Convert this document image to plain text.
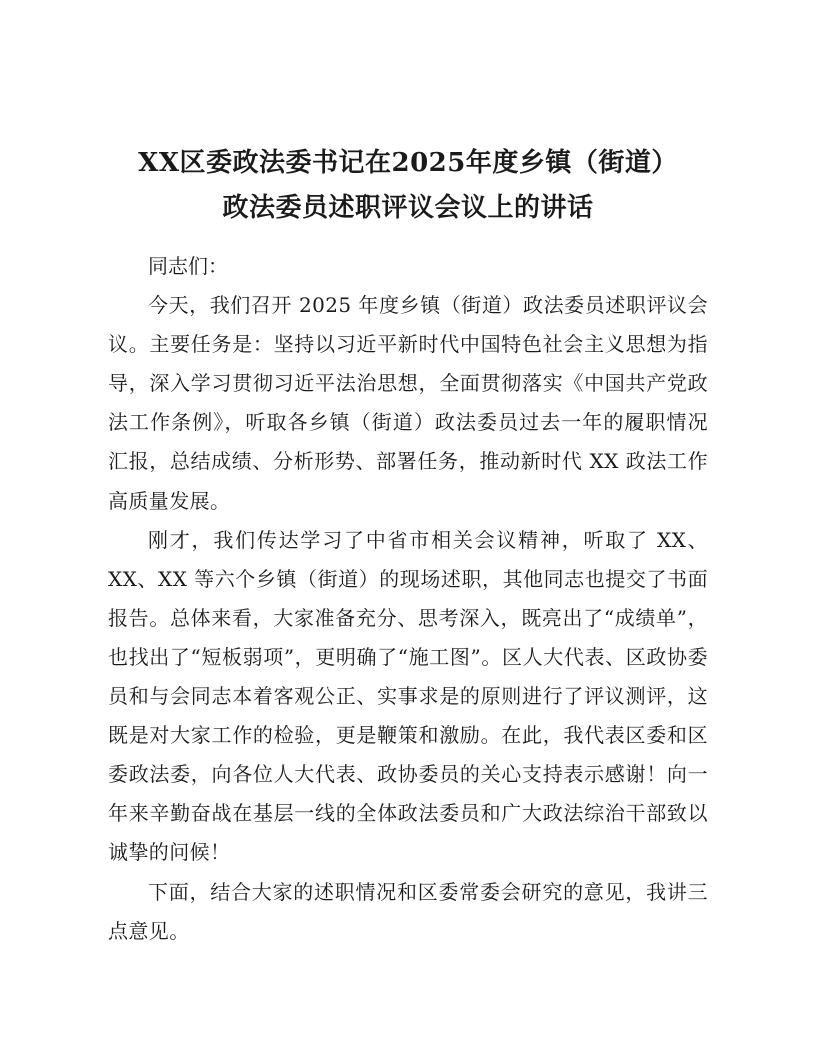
XX区委政法委书记在2025年度乡镇（街道）
政法委员述职评议会议上的讲话

同志们：

今天，我们召开 2025 年度乡镇（街道）政法委员述职评议会议。主要任务是：坚持以习近平新时代中国特色社会主义思想为指导，深入学习贯彻习近平法治思想，全面贯彻落实《中国共产党政法工作条例》，听取各乡镇（街道）政法委员过去一年的履职情况汇报，总结成绩、分析形势、部署任务，推动新时代 XX 政法工作高质量发展。

刚才，我们传达学习了中省市相关会议精神，听取了 XX、XX、XX 等六个乡镇（街道）的现场述职，其他同志也提交了书面报告。总体来看，大家准备充分、思考深入，既亮出了“成绩单”，也找出了“短板弱项”，更明确了“施工图”。区人大代表、区政协委员和与会同志本着客观公正、实事求是的原则进行了评议测评，这既是对大家工作的检验，更是鞭策和激励。在此，我代表区委和区委政法委，向各位人大代表、政协委员的关心支持表示感谢！向一年来辛勤奋战在基层一线的全体政法委员和广大政法综治干部致以诚挚的问候！

下面，结合大家的述职情况和区委常委会研究的意见，我讲三点意见。
